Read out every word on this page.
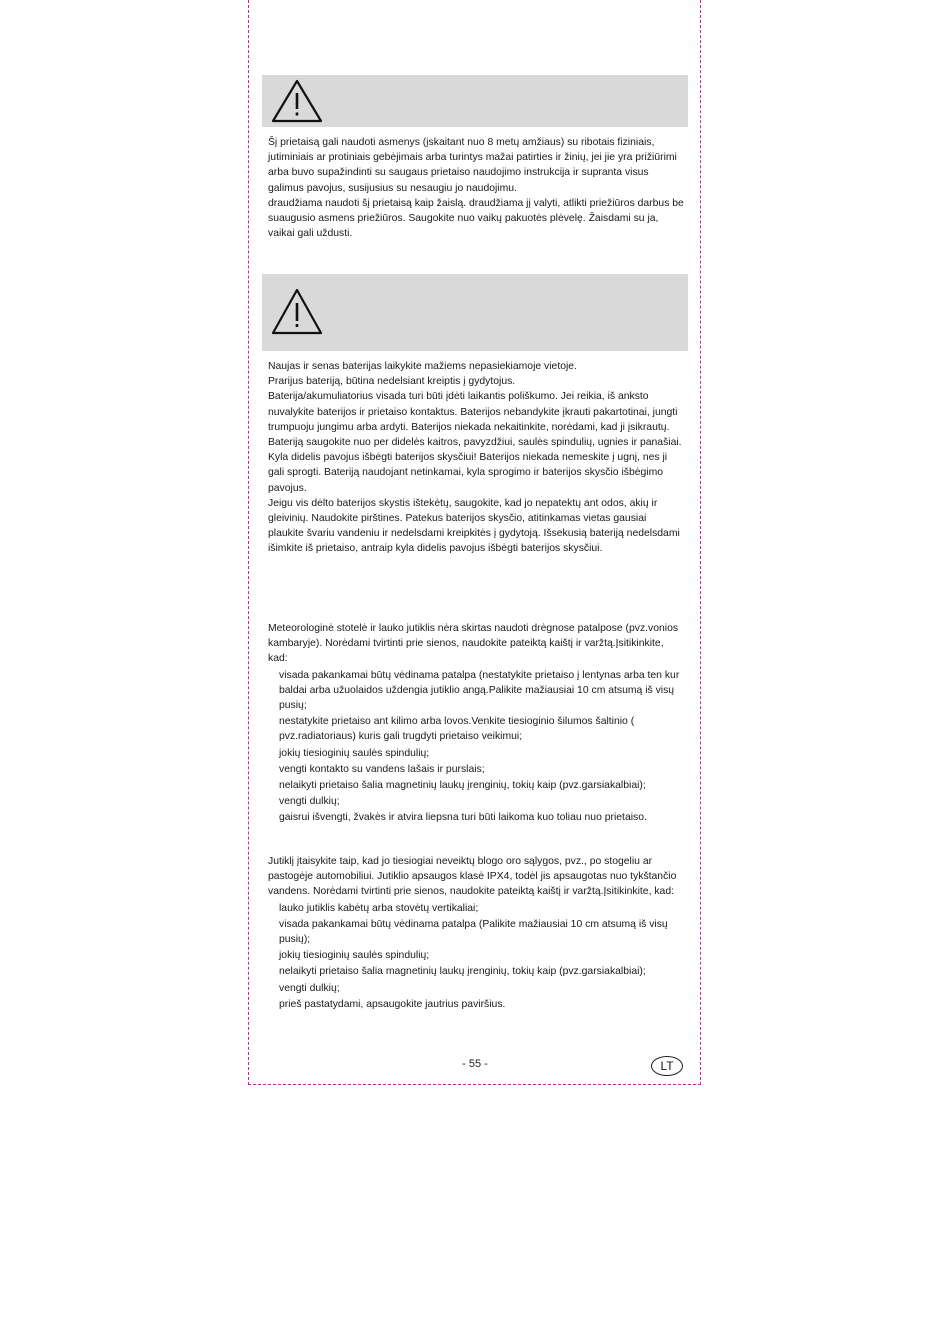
Šį prietaisą gali naudoti asmenys (įskaitant nuo 8 metų amžiaus) su ribotais fiziniais, jutiminiais ar protiniais gebėjimais arba turintys mažai patirties ir žinių, jei jie yra prižiūrimi arba buvo supažindinti su saugaus prietaiso naudojimo instrukcija ir supranta visus galimus pavojus, susijusius su nesaugiu jo naudojimu.

draudžiama naudoti šį prietaisą kaip žaislą. draudžiama jį valyti, atlikti priežiūros darbus be suaugusio asmens priežiūros. Saugokite nuo vaikų pakuotės plėvelę. Žaisdami su ja, vaikai gali uždusti.

Naujas ir senas baterijas laikykite mažiems nepasiekiamoje vietoje.

Prarijus bateriją, būtina nedelsiant kreiptis į gydytojus.

Baterija/akumuliatorius visada turi būti įdėti laikantis poliškumo. Jei reikia, iš anksto nuvalykite baterijos ir prietaiso kontaktus. Baterijos nebandykite įkrauti pakartotinai, jungti trumpuoju jungimu arba ardyti. Baterijos niekada nekaitinkite, norėdami, kad ji įsikrautų. Bateriją saugokite nuo per didelės kaitros, pavyzdžiui, saulės spindulių, ugnies ir panašiai. Kyla didelis pavojus išbėgti baterijos skysčiui! Baterijos niekada nemeskite į ugnį, nes ji gali sprogti. Bateriją naudojant netinkamai, kyla sprogimo ir baterijos skysčio išbėgimo pavojus.

Jeigu vis dėlto baterijos skystis ištekėtų, saugokite, kad jo nepatektų ant odos, akių ir gleivinių. Naudokite pirštines. Patekus baterijos skysčio, atitinkamas vietas gausiai plaukite švariu vandeniu ir nedelsdami kreipkitės į gydytoją. Išsekusią bateriją nedelsdami išimkite iš prietaiso, antraip kyla didelis pavojus išbėgti baterijos skysčiui.

Meteorologinė stotelė ir lauko jutiklis nėra skirtas naudoti drėgnose patalpose (pvz.vonios kambaryje). Norėdami tvirtinti prie sienos, naudokite pateiktą kaištį ir varžtą.Įsitikinkite, kad:

visada pakankamai būtų vėdinama patalpa (nestatykite prietaiso į lentynas arba ten kur baldai arba užuolaidos uždengia jutiklio angą.Palikite mažiausiai 10 cm atsumą iš visų pusių;

nestatykite prietaiso ant kilimo arba lovos.Venkite tiesioginio šilumos šaltinio ( pvz.radiatoriaus) kuris gali trugdyti prietaiso veikimui;

jokių tiesioginių saulės spindulių;

vengti kontakto su vandens lašais ir purslais;

nelaikyti prietaiso šalia magnetinių laukų įrenginių, tokių kaip (pvz.garsiakalbiai);

vengti dulkių;

gaisrui išvengti, žvakės ir atvira liepsna turi būti laikoma kuo toliau nuo prietaiso.

Jutiklį įtaisykite taip, kad jo tiesiogiai neveiktų blogo oro sąlygos, pvz., po stogeliu ar pastogėje automobiliui. Jutiklio apsaugos klasė IPX4, todėl jis apsaugotas nuo tykštančio vandens. Norėdami tvirtinti prie sienos, naudokite pateiktą kaištį ir varžtą.Įsitikinkite, kad:

lauko jutiklis kabėtų arba stovėtų vertikaliai;

visada pakankamai būtų vėdinama patalpa (Palikite mažiausiai 10 cm atsumą iš visų pusių);

jokių tiesioginių saulės spindulių;

nelaikyti prietaiso šalia magnetinių laukų įrenginių, tokių kaip (pvz.garsiakalbiai);

vengti dulkių;

prieš pastatydami, apsaugokite jautrius paviršius.

- 55 -	LT
